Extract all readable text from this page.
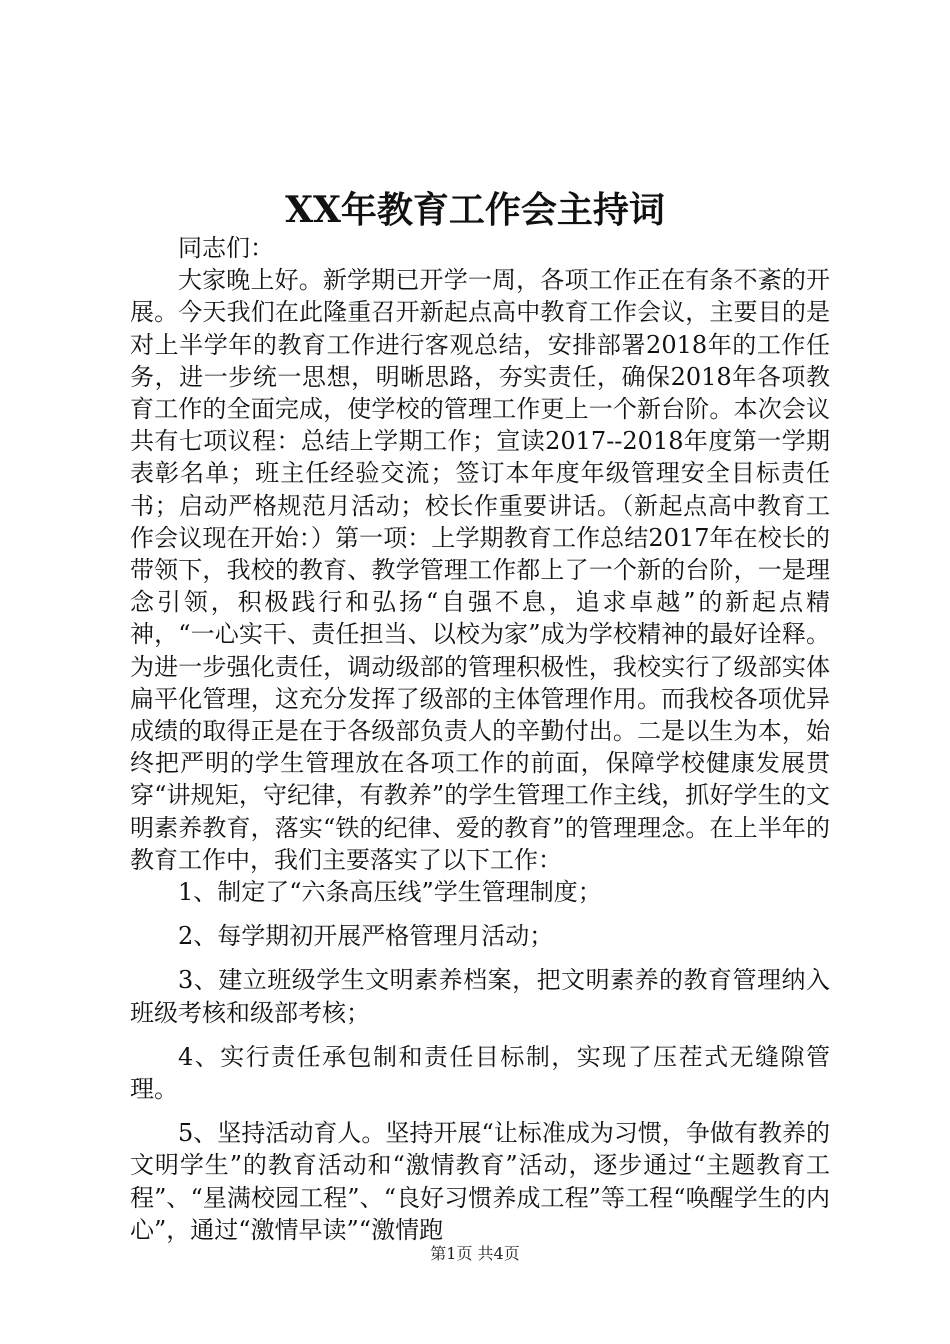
XX年教育工作会主持词

同志们：

大家晚上好。新学期已开学一周，各项工作正在有条不紊的开展。今天我们在此隆重召开新起点高中教育工作会议，主要目的是对上半学年的教育工作进行客观总结，安排部署2018年的工作任务，进一步统一思想，明晰思路，夯实责任，确保2018年各项教育工作的全面完成，使学校的管理工作更上一个新台阶。本次会议共有七项议程：总结上学期工作；宣读2017--2018年度第一学期表彰名单；班主任经验交流；签订本年度年级管理安全目标责任书；启动严格规范月活动；校长作重要讲话。（新起点高中教育工作会议现在开始：）第一项：上学期教育工作总结2017年在校长的带领下，我校的教育、教学管理工作都上了一个新的台阶，一是理念引领，积极践行和弘扬“自强不息，追求卓越”的新起点精神，“一心实干、责任担当、以校为家”成为学校精神的最好诠释。为进一步强化责任，调动级部的管理积极性，我校实行了级部实体扁平化管理，这充分发挥了级部的主体管理作用。而我校各项优异成绩的取得正是在于各级部负责人的辛勤付出。二是以生为本，始终把严明的学生管理放在各项工作的前面，保障学校健康发展贯穿“讲规矩，守纪律，有教养”的学生管理工作主线，抓好学生的文明素养教育，落实“铁的纪律、爱的教育”的管理理念。在上半年的教育工作中，我们主要落实了以下工作：

1、制定了“六条高压线”学生管理制度；

2、每学期初开展严格管理月活动；

3、建立班级学生文明素养档案，把文明素养的教育管理纳入班级考核和级部考核；

4、实行责任承包制和责任目标制，实现了压茬式无缝隙管理。

5、坚持活动育人。坚持开展“让标准成为习惯，争做有教养的文明学生”的教育活动和“激情教育”活动，逐步通过“主题教育工程”、“星满校园工程”、“良好习惯养成工程”等工程“唤醒学生的内心”，通过“激情早读”“激情跑

第1页 共4页
